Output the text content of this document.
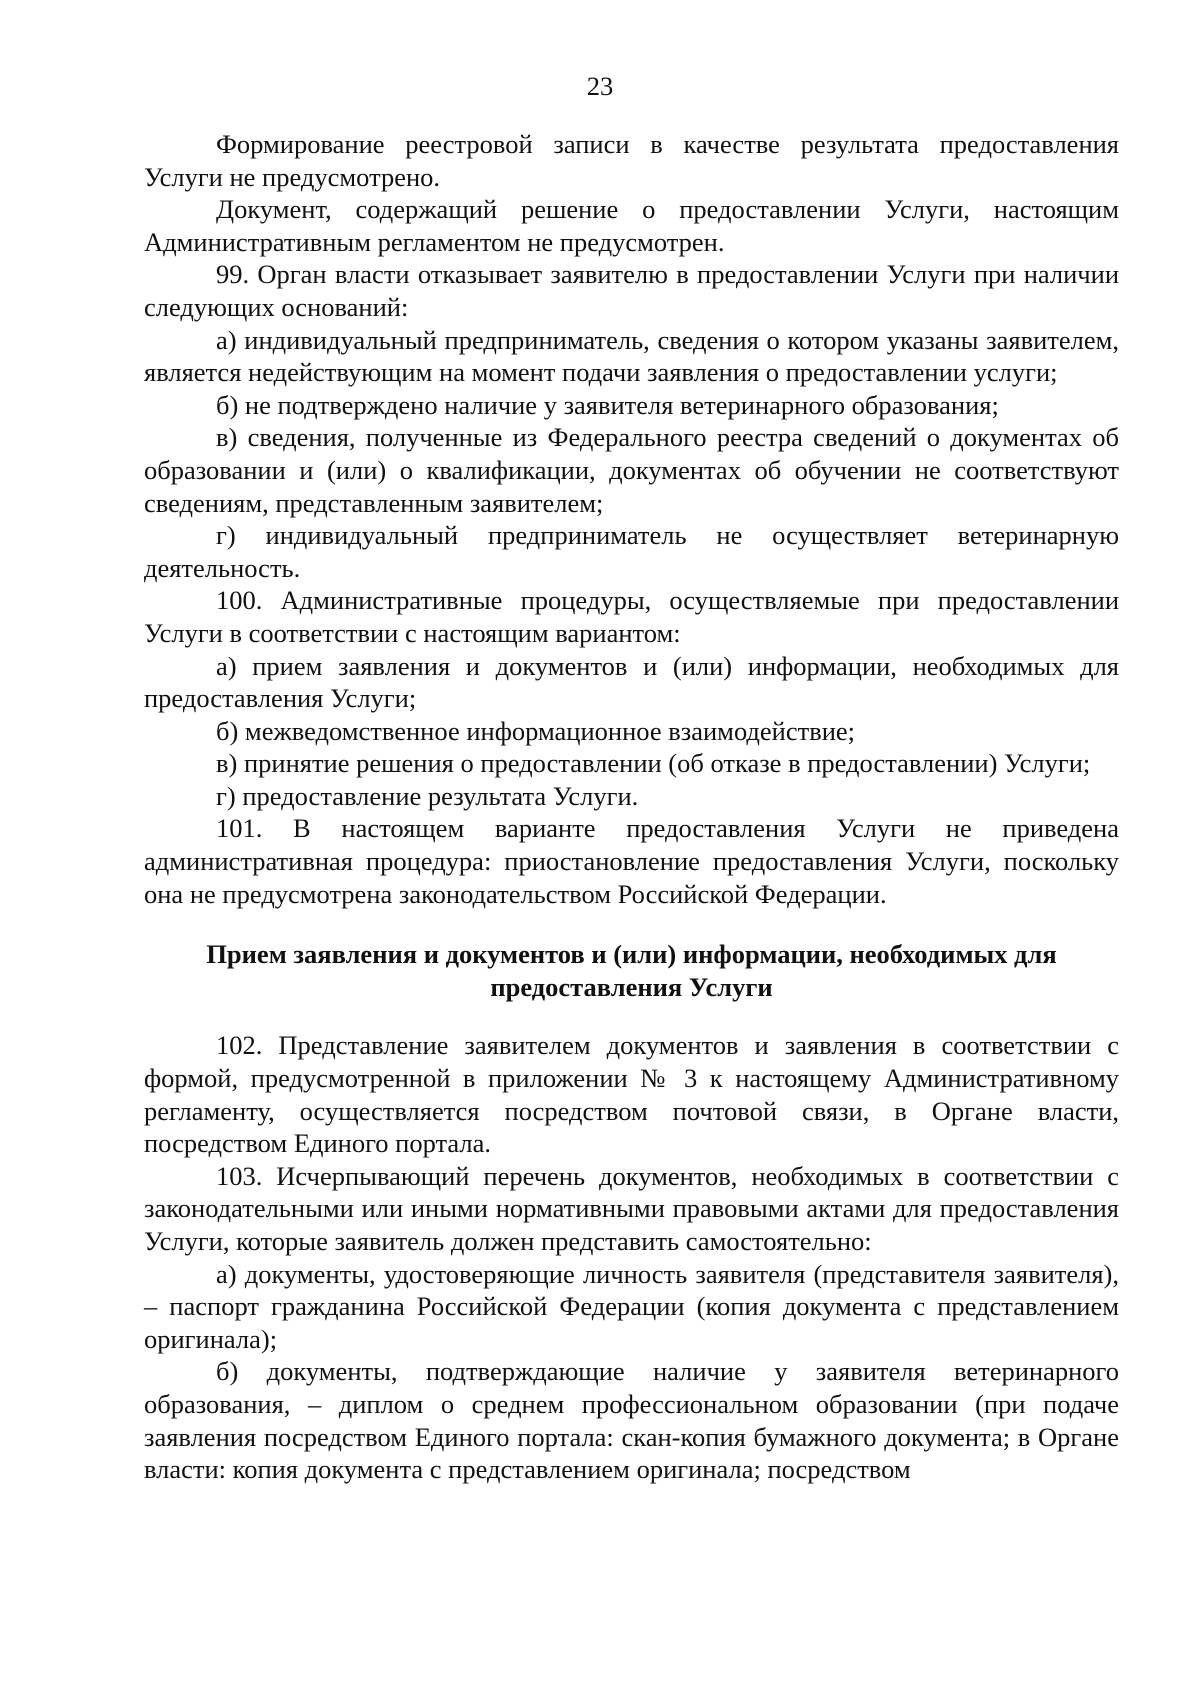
23

Формирование реестровой записи в качестве результата предоставления Услуги не предусмотрено.

Документ, содержащий решение о предоставлении Услуги, настоящим Административным регламентом не предусмотрен.

99. Орган власти отказывает заявителю в предоставлении Услуги при наличии следующих оснований:

а) индивидуальный предприниматель, сведения о котором указаны заявителем, является недействующим на момент подачи заявления о предоставлении услуги;

б) не подтверждено наличие у заявителя ветеринарного образования;

в) сведения, полученные из Федерального реестра сведений о документах об образовании и (или) о квалификации, документах об обучении не соответствуют сведениям, представленным заявителем;

г) индивидуальный предприниматель не осуществляет ветеринарную деятельность.

100. Административные процедуры, осуществляемые при предоставлении Услуги в соответствии с настоящим вариантом:

а) прием заявления и документов и (или) информации, необходимых для предоставления Услуги;

б) межведомственное информационное взаимодействие;

в) принятие решения о предоставлении (об отказе в предоставлении) Услуги;

г) предоставление результата Услуги.

101. В настоящем варианте предоставления Услуги не приведена административная процедура: приостановление предоставления Услуги, поскольку она не предусмотрена законодательством Российской Федерации.

Прием заявления и документов и (или) информации, необходимых для предоставления Услуги

102. Представление заявителем документов и заявления в соответствии с формой, предусмотренной в приложении № 3 к настоящему Административному регламенту, осуществляется посредством почтовой связи, в Органе власти, посредством Единого портала.

103. Исчерпывающий перечень документов, необходимых в соответствии с законодательными или иными нормативными правовыми актами для предоставления Услуги, которые заявитель должен представить самостоятельно:

а) документы, удостоверяющие личность заявителя (представителя заявителя), – паспорт гражданина Российской Федерации (копия документа с представлением оригинала);

б) документы, подтверждающие наличие у заявителя ветеринарного образования, – диплом о среднем профессиональном образовании (при подаче заявления посредством Единого портала: скан-копия бумажного документа; в Органе власти: копия документа с представлением оригинала; посредством
